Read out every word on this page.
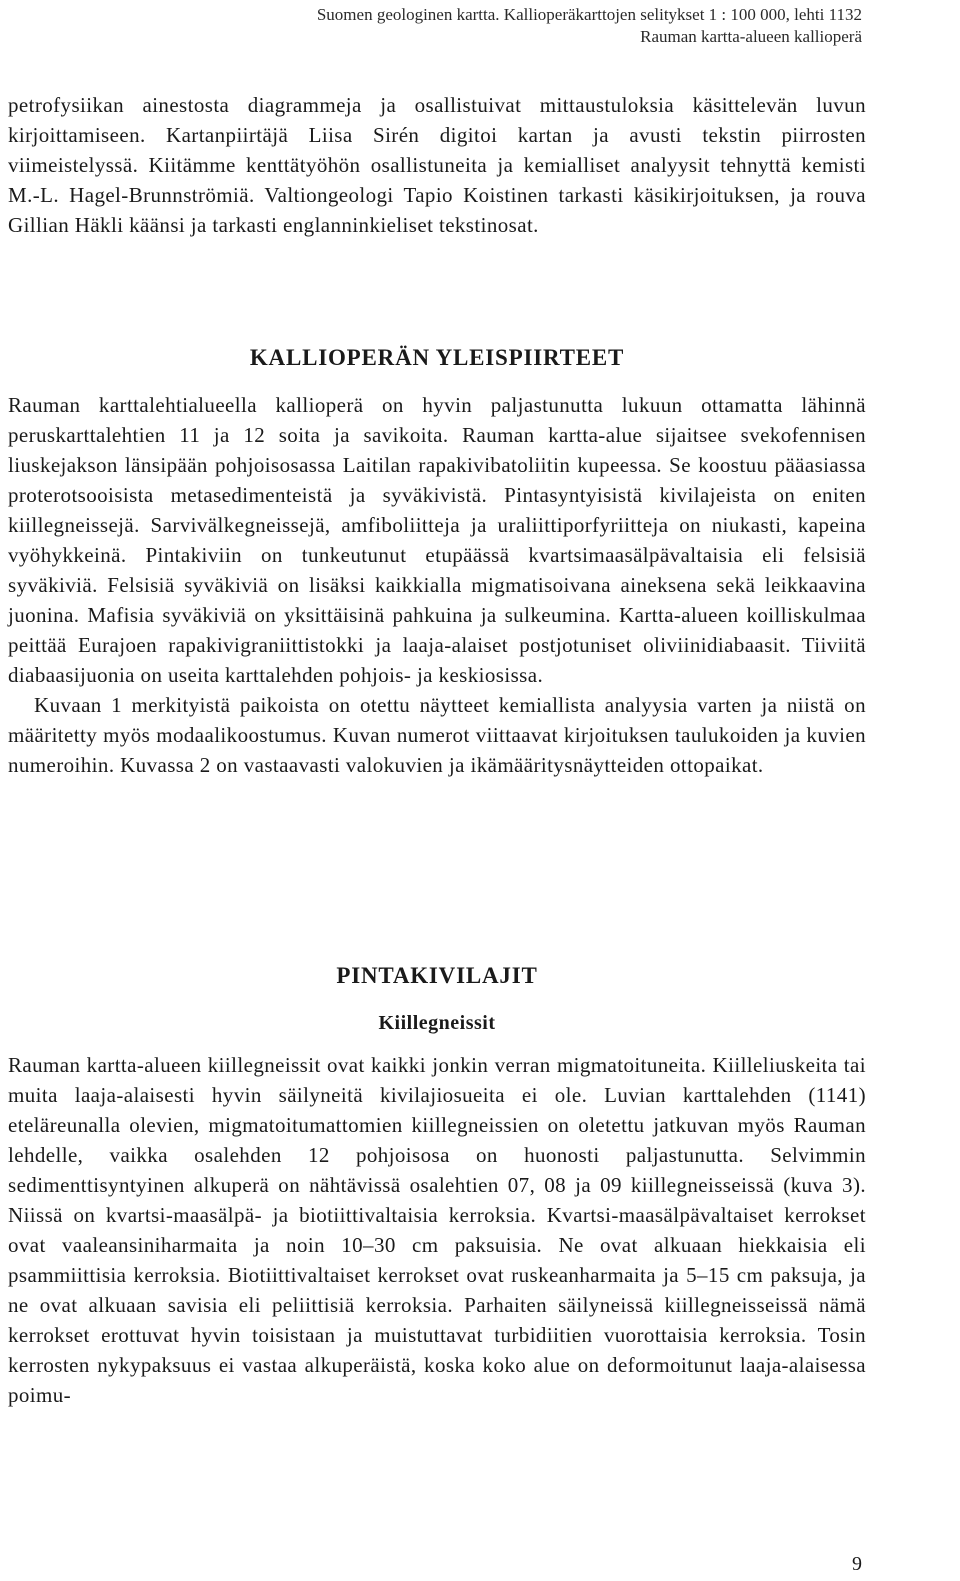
Suomen geologinen kartta. Kallioperäkarttojen selitykset 1 : 100 000, lehti 1132
Rauman kartta-alueen kallioperä

petrofysiikan ainestosta diagrammeja ja osallistuivat mittaustuloksia käsittelevän luvun kirjoittamiseen. Kartanpiirtäjä Liisa Sirén digitoi kartan ja avusti tekstin piirrosten viimeistelyssä. Kiitämme kenttätyöhön osallistuneita ja kemialliset analyysit tehnyttä kemisti M.-L. Hagel-Brunnströmiä. Valtiongeologi Tapio Koistinen tarkasti käsikirjoituksen, ja rouva Gillian Häkli käänsi ja tarkasti englanninkieliset tekstinosat.

KALLIOPERÄN YLEISPIIRTEET

Rauman karttalehtialueella kallioperä on hyvin paljastunutta lukuun ottamatta lähinnä peruskarttalehtien 11 ja 12 soita ja savikoita. Rauman kartta-alue sijaitsee svekofennisen liuskejakson länsipään pohjoisosassa Laitilan rapakivibatoliitin kupeessa. Se koostuu pääasiassa proterotsooisista metasedimenteistä ja syväkivistä. Pintasyntyisistä kivilajeista on eniten kiillegneissejä. Sarvivälkegneissejä, amfiboliitteja ja uraliittiporfyriitteja on niukasti, kapeina vyöhykkeinä. Pintakiviin on tunkeutunut etupäässä kvartsimaasälpävaltaisia eli felsisiä syväkiviä. Felsisiä syväkiviä on lisäksi kaikkialla migmatisoivana aineksena sekä leikkaavina juonina. Mafisia syväkiviä on yksittäisinä pahkuina ja sulkeumina. Kartta-alueen koilliskulmaa peittää Eurajoen rapakivigraniittistokki ja laaja-alaiset postjotuniset oliviinidiabaasit. Tiiviitä diabaasijuonia on useita karttalehden pohjois- ja keskiosissa.

Kuvaan 1 merkityistä paikoista on otettu näytteet kemiallista analyysia varten ja niistä on määritetty myös modaalikoostumus. Kuvan numerot viittaavat kirjoituksen taulukoiden ja kuvien numeroihin. Kuvassa 2 on vastaavasti valokuvien ja ikämääritysnäytteiden ottopaikat.

PINTAKIVILAJIT
Kiillegneissit

Rauman kartta-alueen kiillegneissit ovat kaikki jonkin verran migmatoituneita. Kiilleliuskeita tai muita laaja-alaisesti hyvin säilyneitä kivilajiosueita ei ole. Luvian karttalehden (1141) eteläreunalla olevien, migmatoitumattomien kiillegneissien on oletettu jatkuvan myös Rauman lehdelle, vaikka osalehden 12 pohjoisosa on huonosti paljastunutta. Selvimmin sedimenttisyntyinen alkuperä on nähtävissä osalehtien 07, 08 ja 09 kiillegneisseissä (kuva 3). Niissä on kvartsi-maasälpä- ja biotiittivaltaisia kerroksia. Kvartsi-maasälpävaltaiset kerrokset ovat vaaleansiniharmaita ja noin 10–30 cm paksuisia. Ne ovat alkuaan hiekkaisia eli psammiittisia kerroksia. Biotiittivaltaiset kerrokset ovat ruskeanharmaita ja 5–15 cm paksuja, ja ne ovat alkuaan savisia eli peliittisiä kerroksia. Parhaiten säilyneissä kiillegneisseissä nämä kerrokset erottuvat hyvin toisistaan ja muistuttavat turbidiitien vuorottaisia kerroksia. Tosin kerrosten nykypaksuus ei vastaa alkuperäistä, koska koko alue on deformoitunut laaja-alaisessa poimu-

9
